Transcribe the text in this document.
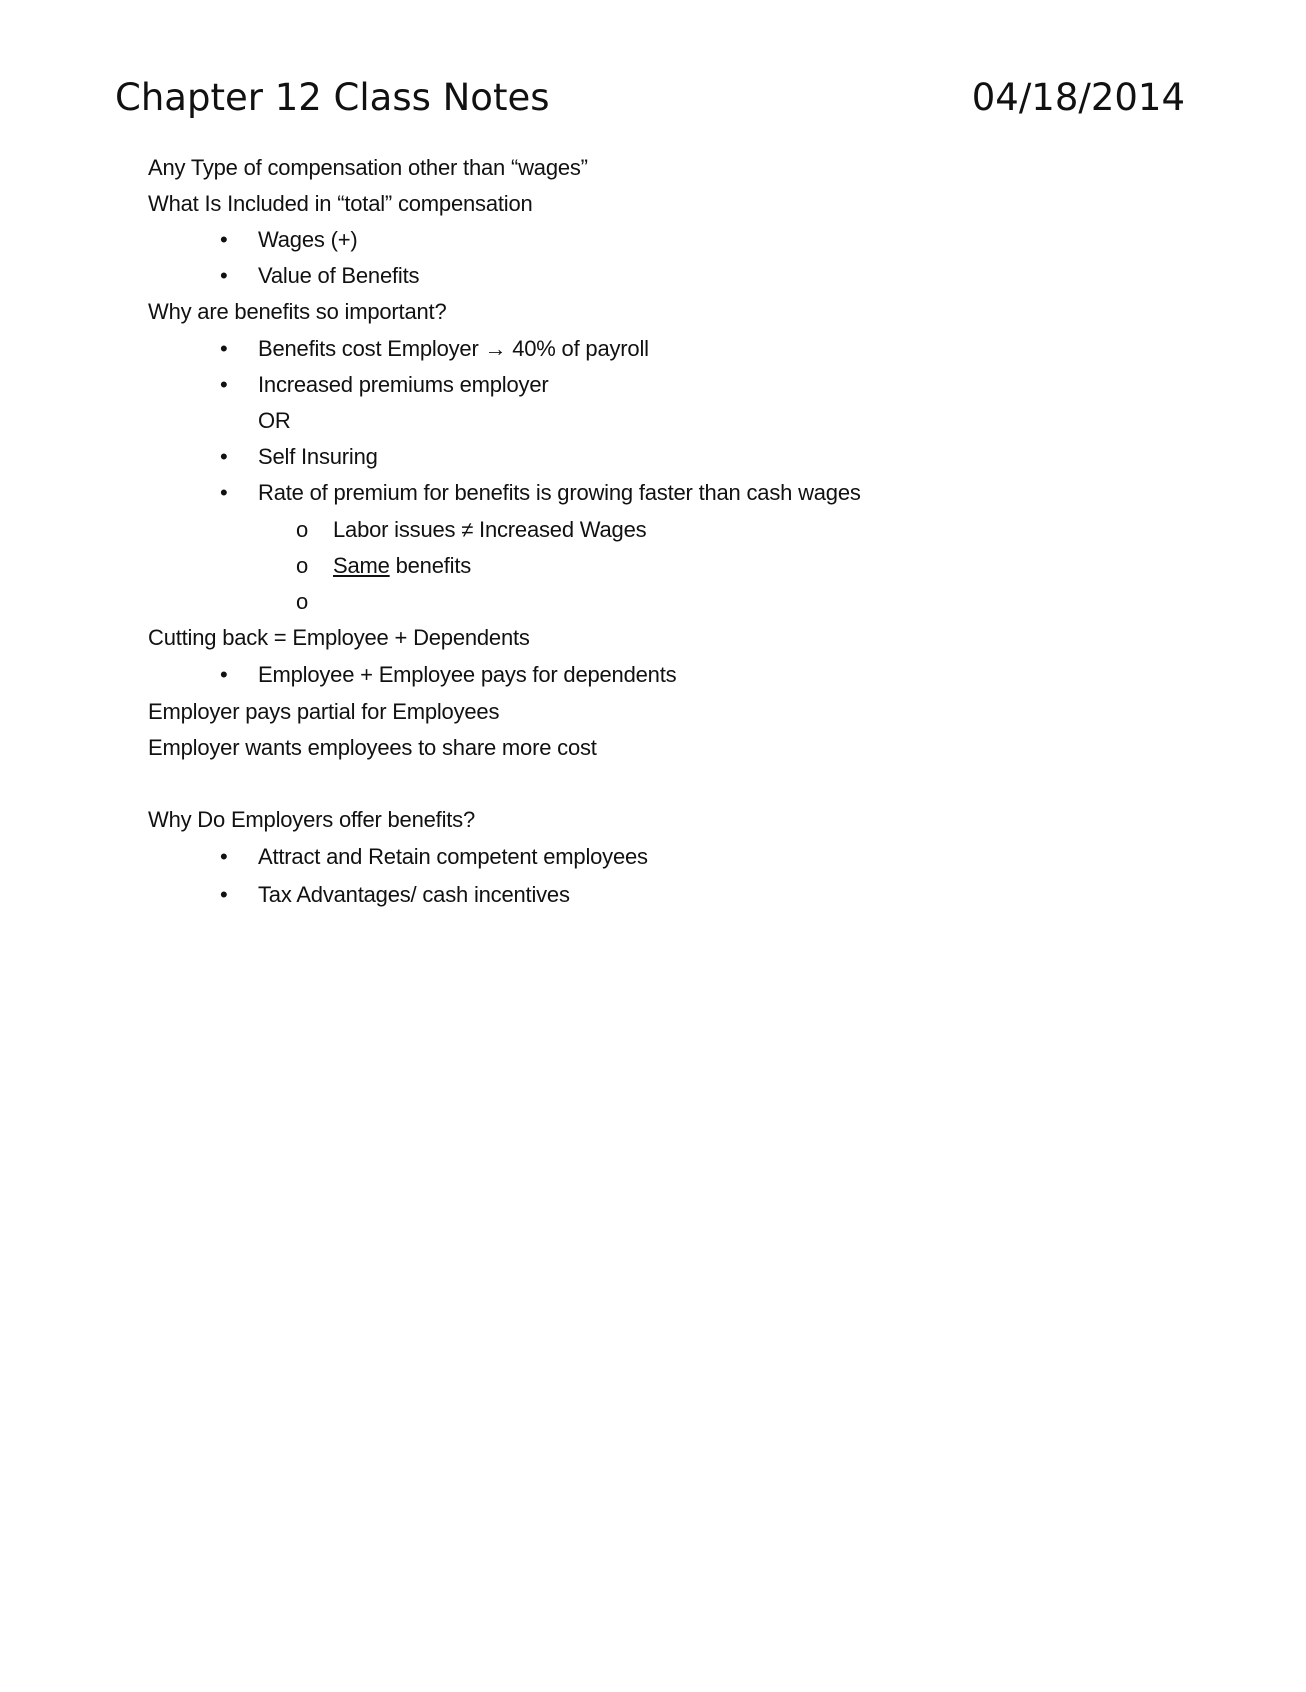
Chapter 12 Class Notes	04/18/2014
Any Type of compensation other than “wages”
What Is Included in “total” compensation
• Wages (+)
• Value of Benefits
Why are benefits so important?
• Benefits cost Employer → 40% of payroll
• Increased premiums employer
OR
• Self Insuring
• Rate of premium for benefits is growing faster than cash wages
o Labor issues ≠ Increased Wages
o Same benefits
o
Cutting back = Employee + Dependents
• Employee + Employee pays for dependents
Employer pays partial for Employees
Employer wants employees to share more cost
Why Do Employers offer benefits?
• Attract and Retain competent employees
• Tax Advantages/ cash incentives
